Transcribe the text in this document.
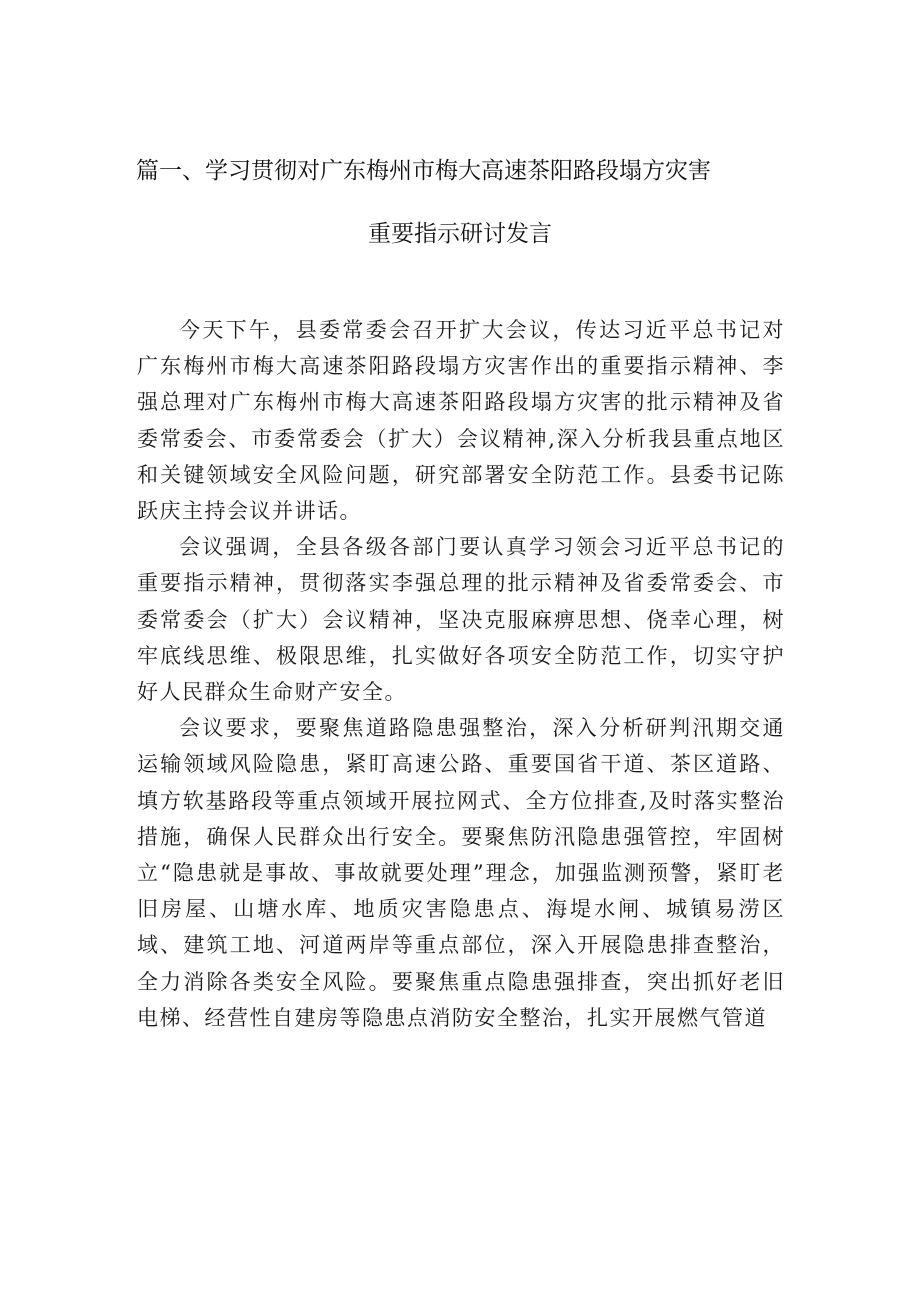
篇一、学习贯彻对广东梅州市梅大高速茶阳路段塌方灾害
重要指示研讨发言

今天下午，县委常委会召开扩大会议，传达习近平总书记对广东梅州市梅大高速茶阳路段塌方灾害作出的重要指示精神、李强总理对广东梅州市梅大高速茶阳路段塌方灾害的批示精神及省委常委会、市委常委会（扩大）会议精神,深入分析我县重点地区和关键领域安全风险问题，研究部署安全防范工作。县委书记陈跃庆主持会议并讲话。

会议强调，全县各级各部门要认真学习领会习近平总书记的重要指示精神，贯彻落实李强总理的批示精神及省委常委会、市委常委会（扩大）会议精神，坚决克服麻痹思想、侥幸心理，树牢底线思维、极限思维，扎实做好各项安全防范工作，切实守护好人民群众生命财产安全。

会议要求，要聚焦道路隐患强整治，深入分析研判汛期交通运输领域风险隐患，紧盯高速公路、重要国省干道、茶区道路、填方软基路段等重点领域开展拉网式、全方位排查,及时落实整治措施，确保人民群众出行安全。要聚焦防汛隐患强管控，牢固树立“隐患就是事故、事故就要处理”理念，加强监测预警，紧盯老旧房屋、山塘水库、地质灾害隐患点、海堤水闸、城镇易涝区域、建筑工地、河道两岸等重点部位，深入开展隐患排查整治，全力消除各类安全风险。要聚焦重点隐患强排查，突出抓好老旧电梯、经营性自建房等隐患点消防安全整治，扎实开展燃气管道
